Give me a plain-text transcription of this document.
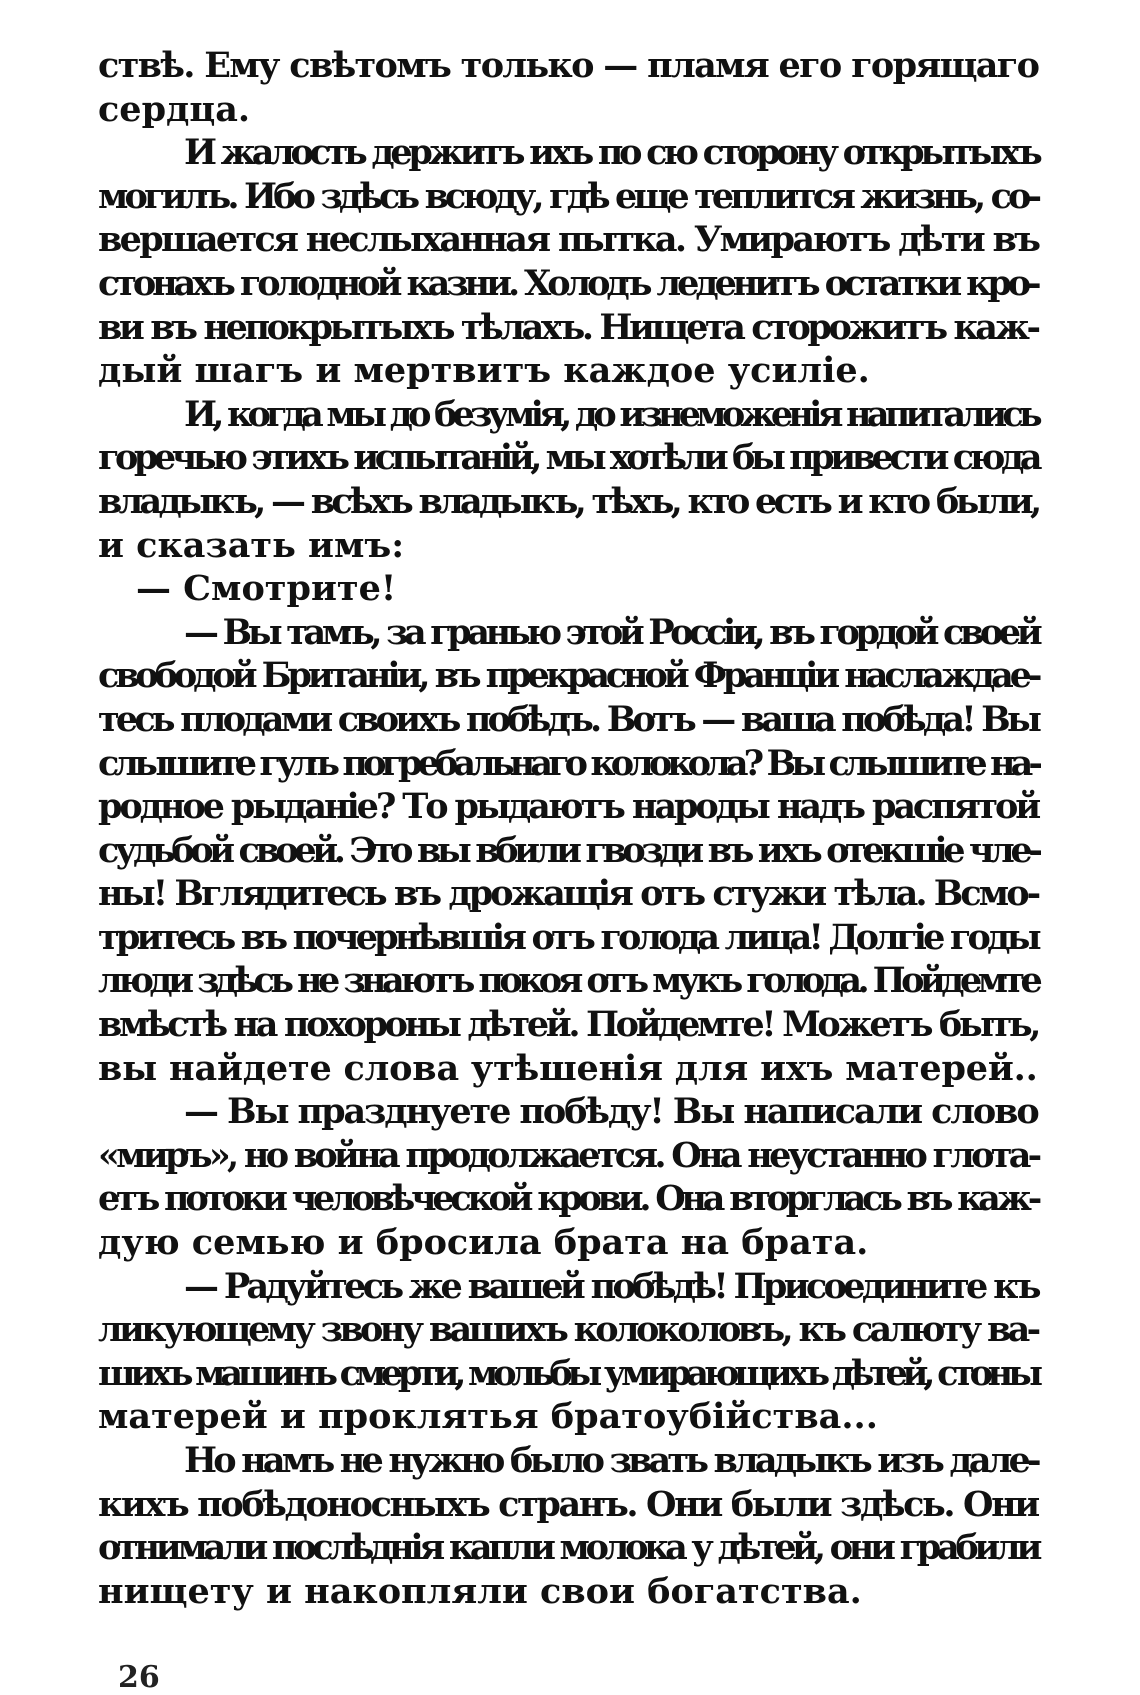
ствѣ. Ему свѣтомъ только — пламя его горящаго
сердца.
И жалость держитъ ихъ по сю сторону открытыхъ
могилъ. Ибо здѣсь всюду, гдѣ еще теплится жизнь, со-
вершается неслыханная пытка. Умираютъ дѣти въ
стонахъ голодной казни. Холодъ леденитъ остатки кро-
ви въ непокрытыхъ тѣлахъ. Нищета сторожитъ каж-
дый шагъ и мертвитъ каждое усиліе.
И, когда мы до безумія, до изнеможенія напитались
горечью этихъ испытаній, мы хотѣли бы привести сюда
владыкъ, — всѣхъ владыкъ, тѣхъ, кто есть и кто были,
и сказать имъ:
— Смотрите!
— Вы тамъ, за гранью этой Россіи, въ гордой своей
свободой Британіи, въ прекрасной Франціи наслаждае-
тесь плодами своихъ побѣдъ. Вотъ — ваша побѣда! Вы
слышите гулъ погребальнаго колокола? Вы слышите на-
родное рыданіе? То рыдаютъ народы надъ распятой
судьбой своей. Это вы вбили гвозди въ ихъ отекшіе чле-
ны! Вглядитесь въ дрожащія отъ стужи тѣла. Всмо-
тритесь въ почернѣвшія отъ голода лица! Долгіе годы
люди здѣсь не знаютъ покоя отъ мукъ голода. Пойдемте
вмѣстѣ на похороны дѣтей. Пойдемте! Можетъ быть,
вы найдете слова утѣшенія для ихъ матерей..
— Вы празднуете побѣду! Вы написали слово
«миръ», но война продолжается. Она неустанно глота-
етъ потоки человѣческой крови. Она вторглась въ каж-
дую семью и бросила брата на брата.
— Радуйтесь же вашей побѣдѣ! Присоедините къ
ликующему звону вашихъ колоколовъ, къ салюту ва-
шихъ машинъ смерти, мольбы умирающихъ дѣтей, стоны
матерей и проклятья братоубійства...
Но намъ не нужно было звать владыкъ изъ дале-
кихъ побѣдоносныхъ странъ. Они были здѣсь. Они
отнимали послѣднія капли молока у дѣтей, они грабили
нищету и накопляли свои богатства.
26
